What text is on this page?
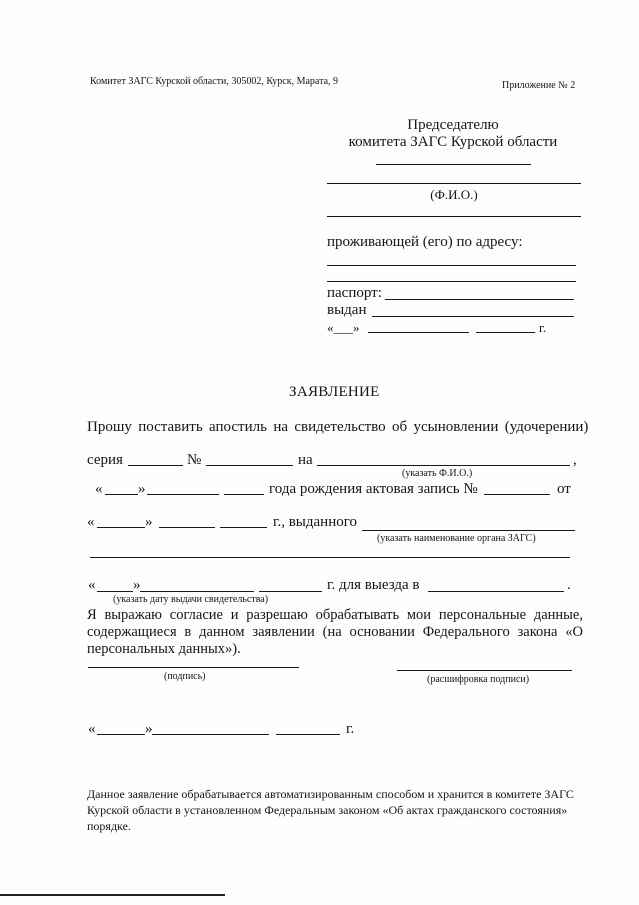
Комитет ЗАГС Курской области, 305002, Курск, Марата, 9	Приложение № 2
Председателю
комитета ЗАГС Курской области
(Ф.И.О.)
проживающей (его) по адресу:
паспорт:
выдан
«___»	г.
ЗАЯВЛЕНИЕ
Прошу поставить апостиль на свидетельство об усыновлении (удочерении)
серия	№	на	,
(указать Ф.И.О.)
« »	года рождения актовая запись №	от
«	»	г., выданного
(указать наименование органа ЗАГС)
«	»	г. для выезда в	.
(указать дату выдачи свидетельства)
Я выражаю согласие и разрешаю обрабатывать мои персональные данные, содержащиеся в данном заявлении (на основании Федерального закона «О персональных данных»).
(подпись)	(расшифровка подписи)
«	»	г.
Данное заявление обрабатывается автоматизированным способом и хранится в комитете ЗАГС Курской области в установленном Федеральным законом «Об актах гражданского состояния» порядке.
